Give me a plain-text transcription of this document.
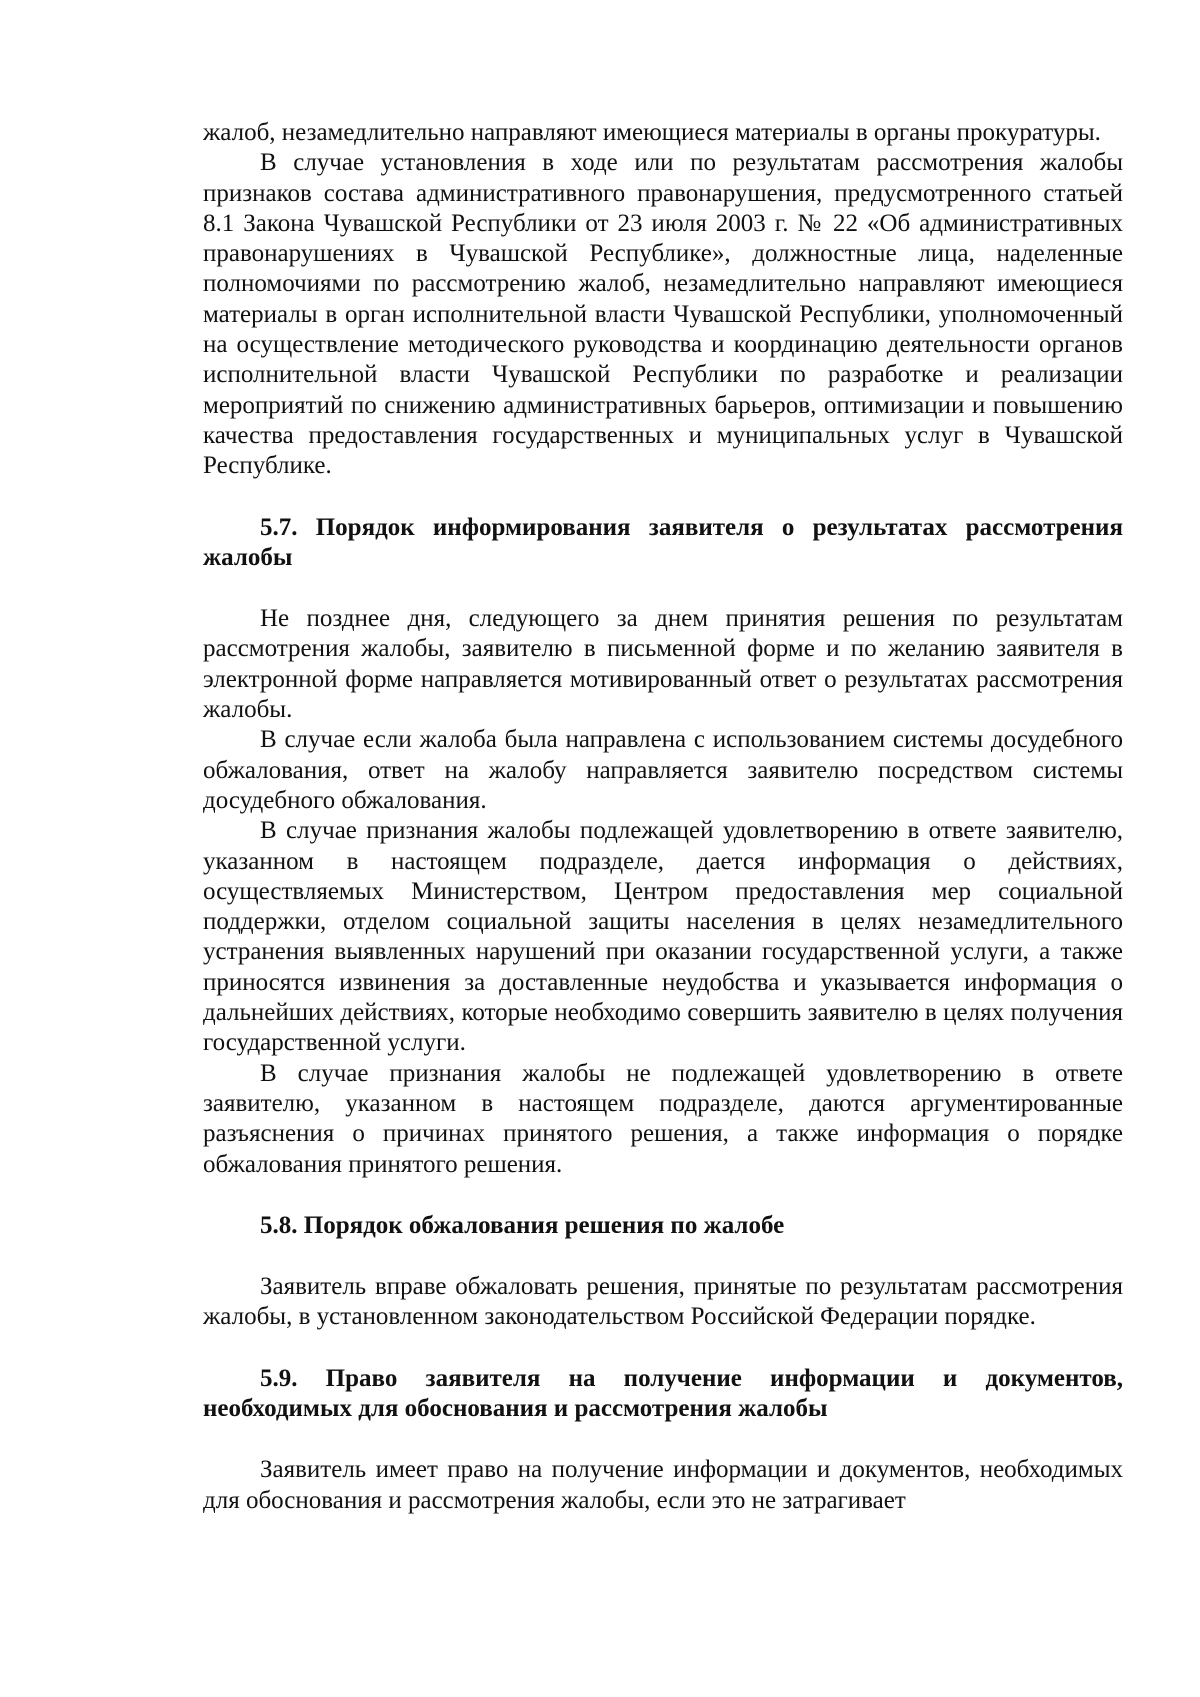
жалоб, незамедлительно направляют имеющиеся материалы в органы прокуратуры.

В случае установления в ходе или по результатам рассмотрения жалобы признаков состава административного правонарушения, предусмотренного статьей 8.1 Закона Чувашской Республики от 23 июля 2003 г. № 22 «Об административных правонарушениях в Чувашской Республике», должностные лица, наделенные полномочиями по рассмотрению жалоб, незамедлительно направляют имеющиеся материалы в орган исполнительной власти Чувашской Республики, уполномоченный на осуществление методического руководства и координацию деятельности органов исполнительной власти Чувашской Республики по разработке и реализации мероприятий по снижению административных барьеров, оптимизации и повышению качества предоставления государственных и муниципальных услуг в Чувашской Республике.

5.7. Порядок информирования заявителя о результатах рассмотрения жалобы

Не позднее дня, следующего за днем принятия решения по результатам рассмотрения жалобы, заявителю в письменной форме и по желанию заявителя в электронной форме направляется мотивированный ответ о результатах рассмотрения жалобы.

В случае если жалоба была направлена с использованием системы досудебного обжалования, ответ на жалобу направляется заявителю посредством системы досудебного обжалования.

В случае признания жалобы подлежащей удовлетворению в ответе заявителю, указанном в настоящем подразделе, дается информация о действиях, осуществляемых Министерством, Центром предоставления мер социальной поддержки, отделом социальной защиты населения в целях незамедлительного устранения выявленных нарушений при оказании государственной услуги, а также приносятся извинения за доставленные неудобства и указывается информация о дальнейших действиях, которые необходимо совершить заявителю в целях получения государственной услуги.

В случае признания жалобы не подлежащей удовлетворению в ответе заявителю, указанном в настоящем подразделе, даются аргументированные разъяснения о причинах принятого решения, а также информация о порядке обжалования принятого решения.

5.8. Порядок обжалования решения по жалобе

Заявитель вправе обжаловать решения, принятые по результатам рассмотрения жалобы, в установленном законодательством Российской Федерации порядке.

5.9. Право заявителя на получение информации и документов, необходимых для обоснования и рассмотрения жалобы

Заявитель имеет право на получение информации и документов, необходимых для обоснования и рассмотрения жалобы, если это не затрагивает
